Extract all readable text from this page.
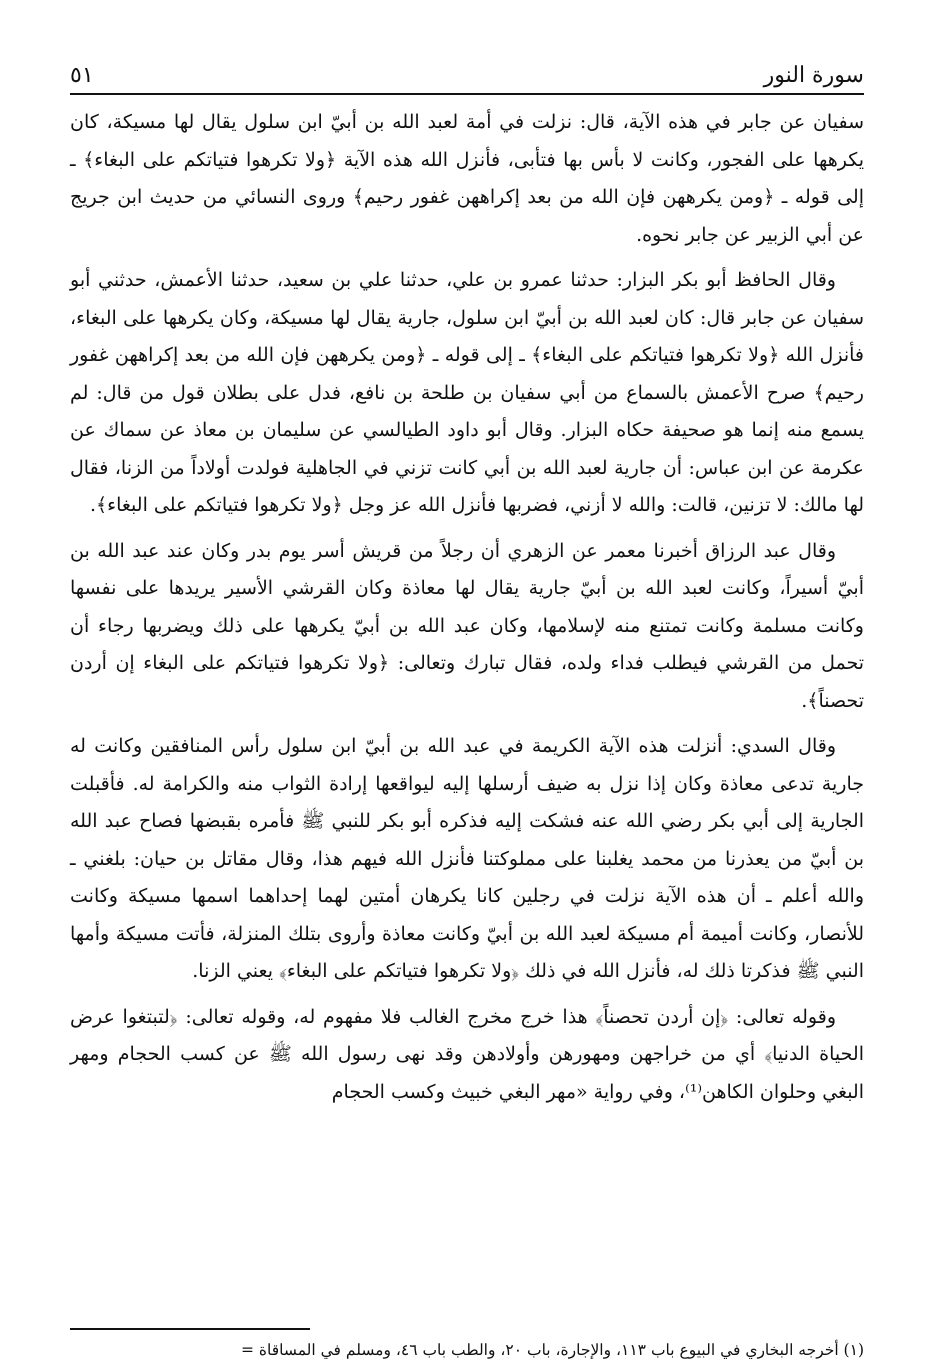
سورة النور
٥١

سفيان عن جابر في هذه الآية، قال: نزلت في أمة لعبد الله بن أبيّ ابن سلول يقال لها مسيكة، كان يكرهها على الفجور، وكانت لا بأس بها فتأبى، فأنزل الله هذه الآية ﴿ولا تكرهوا فتياتكم على البغاء﴾ ـ إلى قوله ـ ﴿ومن يكرههن فإن الله من بعد إكراههن غفور رحيم﴾ وروى النسائي من حديث ابن جريج عن أبي الزبير عن جابر نحوه.

وقال الحافظ أبو بكر البزار: حدثنا عمرو بن علي، حدثنا علي بن سعيد، حدثنا الأعمش، حدثني أبو سفيان عن جابر قال: كان لعبد الله بن أبيّ ابن سلول، جارية يقال لها مسيكة، وكان يكرهها على البغاء، فأنزل الله ﴿ولا تكرهوا فتياتكم على البغاء﴾ ـ إلى قوله ـ ﴿ومن يكرههن فإن الله من بعد إكراههن غفور رحيم﴾ صرح الأعمش بالسماع من أبي سفيان بن طلحة بن نافع، فدل على بطلان قول من قال: لم يسمع منه إنما هو صحيفة حكاه البزار. وقال أبو داود الطيالسي عن سليمان بن معاذ عن سماك عن عكرمة عن ابن عباس: أن جارية لعبد الله بن أبي كانت تزني في الجاهلية فولدت أولاداً من الزنا، فقال لها مالك: لا تزنين، قالت: والله لا أزني، فضربها فأنزل الله عز وجل ﴿ولا تكرهوا فتياتكم على البغاء﴾.

وقال عبد الرزاق أخبرنا معمر عن الزهري أن رجلاً من قريش أسر يوم بدر وكان عند عبد الله بن أبيّ أسيراً، وكانت لعبد الله بن أبيّ جارية يقال لها معاذة وكان القرشي الأسير يريدها على نفسها وكانت مسلمة وكانت تمتنع منه لإسلامها، وكان عبد الله بن أبيّ يكرهها على ذلك ويضربها رجاء أن تحمل من القرشي فيطلب فداء ولده، فقال تبارك وتعالى: ﴿ولا تكرهوا فتياتكم على البغاء إن أردن تحصناً﴾.

وقال السدي: أنزلت هذه الآية الكريمة في عبد الله بن أبيّ ابن سلول رأس المنافقين وكانت له جارية تدعى معاذة وكان إذا نزل به ضيف أرسلها إليه ليواقعها إرادة الثواب منه والكرامة له. فأقبلت الجارية إلى أبي بكر رضي الله عنه فشكت إليه فذكره أبو بكر للنبي ﷺ فأمره بقبضها فصاح عبد الله بن أبيّ من يعذرنا من محمد يغلبنا على مملوكتنا فأنزل الله فيهم هذا، وقال مقاتل بن حيان: بلغني ـ والله أعلم ـ أن هذه الآية نزلت في رجلين كانا يكرهان أمتين لهما إحداهما اسمها مسيكة وكانت للأنصار، وكانت أميمة أم مسيكة لعبد الله بن أبيّ وكانت معاذة وأروى بتلك المنزلة، فأتت مسيكة وأمها النبي ﷺ فذكرتا ذلك له، فأنزل الله في ذلك ﴿ولا تكرهوا فتياتكم على البغاء﴾ يعني الزنا.

وقوله تعالى: ﴿إن أردن تحصناً﴾ هذا خرج مخرج الغالب فلا مفهوم له، وقوله تعالى: ﴿لتبتغوا عرض الحياة الدنيا﴾ أي من خراجهن ومهورهن وأولادهن وقد نهى رسول الله ﷺ عن كسب الحجام ومهر البغي وحلوان الكاهن⁽¹⁾، وفي رواية «مهر البغي خبيث وكسب الحجام

(١) أخرجه البخاري في البيوع باب ١١٣، والإجارة، باب ٢٠، والطب باب ٤٦، ومسلم في المساقاة =
